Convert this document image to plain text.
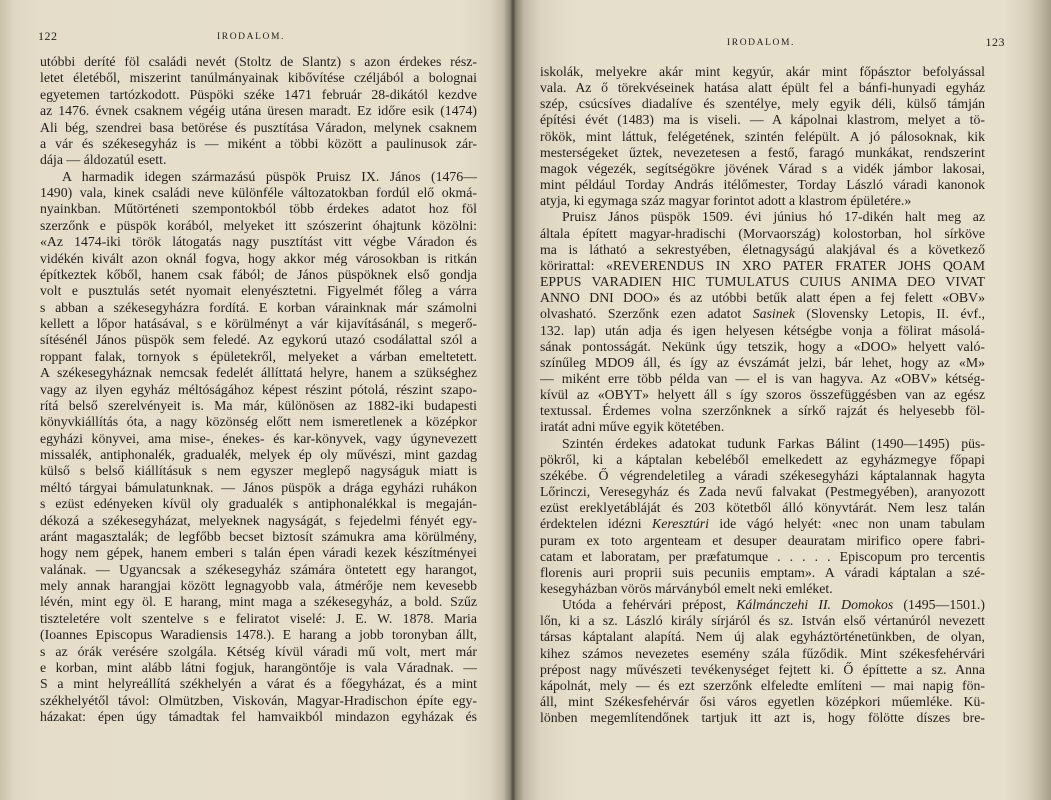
122	IRODALOM.
utóbbi deríté föl családi nevét (Stoltz de Slantz) s azon érdekes rész-
letet életéből, miszerint tanúlmányainak kibővítése czéljából a bolognai
egyetemen tartózkodott. Püspöki széke 1471 február 28-dikától kezdve
az 1476. évnek csaknem végéig utána üresen maradt. Ez időre esik (1474)
Ali bég, szendrei basa betörése és pusztítása Váradon, melynek csaknem
a vár és székesegyház is — miként a többi között a paulinusok zár-
dája — áldozatúl esett.
A harmadik idegen származású püspök Pruisz IX. János (1476—
1490) vala, kinek családi neve különféle változatokban fordúl elő okmá-
nyainkban. Műtörténeti szempontokból több érdekes adatot hoz föl
szerzőnk e püspök korából, melyeket itt szószerint óhajtunk közölni:
«Az 1474-iki török látogatás nagy pusztítást vitt végbe Váradon és
vidékén kivált azon oknál fogva, hogy akkor még városokban is ritkán
építkeztek kőből, hanem csak fából; de János püspöknek első gondja
volt e pusztulás setét nyomait elenyésztetni. Figyelmét főleg a várra
s abban a székesegyházra fordítá. E korban várainknak már számolni
kellett a lőpor hatásával, s e körülményt a vár kijavításánál, s megerő-
sítésénél János püspök sem feledé. Az egykorú utazó csodálattal szól a
roppant falak, tornyok s épületekről, melyeket a várban emeltetett.
A székesegyháznak nemcsak fedelét állíttatá helyre, hanem a szükséghez
vagy az ilyen egyház méltóságához képest részint pótolá, részint szapo-
rítá belső szerelvényeit is. Ma már, különösen az 1882-iki budapesti
könyvkiállítás óta, a nagy közönség előtt nem ismeretlenek a középkor
egyházi könyvei, ama mise-, énekes- és kar-könyvek, vagy úgynevezett
missalék, antiphonalék, gradualék, melyek ép oly művészi, mint gazdag
külső s belső kiállításuk s nem egyszer meglepő nagyságuk miatt is
méltó tárgyai bámulatunknak. — János püspök a drága egyházi ruhákon
s ezüst edényeken kívül oly gradualék s antiphonalékkal is megaján-
dékozá a székesegyházat, melyeknek nagyságát, s fejedelmi fényét egy-
aránt magasztalák; de legfőbb becset biztosít számukra ama körülmény,
hogy nem gépek, hanem emberi s talán épen váradi kezek készítményei
valának. — Ugyancsak a székesegyház számára öntetett egy harangot,
mely annak harangjai között legnagyobb vala, átmérője nem kevesebb
lévén, mint egy öl. E harang, mint maga a székesegyház, a bold. Szűz
tiszteletére volt szentelve s e feliratot viselé: J. E. W. 1878. Maria
(Ioannes Episcopus Waradiensis 1478.). E harang a jobb toronyban állt,
s az órák verésére szolgála. Kétség kívül váradi mű volt, mert már
e korban, mint alább látni fogjuk, harangöntője is vala Váradnak. —
S a mint helyreállítá székhelyén a várat és a főegyházat, és a mint
székhelyétől távol: Olmützben, Viskován, Magyar-Hradischon építe egy-
házakat: épen úgy támadtak fel hamvaikból mindazon egyházak és
IRODALOM.	123
iskolák, melyekre akár mint kegyúr, akár mint főpásztor befolyással
vala. Az ő törekvéseinek hatása alatt épült fel a bánfi-hunyadi egyház
szép, csúcsíves diadalíve és szentélye, mely egyik déli, külső támján
építési évét (1483) ma is viseli. — A kápolnai klastrom, melyet a tö-
rökök, mint láttuk, felégetének, szintén felépült. A jó pálosoknak, kik
mesterségeket űztek, nevezetesen a festő, faragó munkákat, rendszerint
magok végezék, segítségökre jövének Várad s a vidék jámbor lakosai,
mint például Torday András itélőmester, Torday László váradi kanonok
atyja, ki egymaga száz magyar forintot adott a klastrom épületére.»
Pruisz János püspök 1509. évi június hó 17-dikén halt meg az
általa épített magyar-hradischi (Morvaország) kolostorban, hol sírköve
ma is látható a sekrestyében, életnagyságú alakjával és a következő
körirattal: «REVERENDUS IN XRO PATER FRATER JOHS QOAM
EPPUS VARADIEN HIC TUMULATUS CUIUS ANIMA DEO VIVAT
ANNO DNI DOO» és az utóbbi betűk alatt épen a fej felett «OBV»
olvasható. Szerzőnk ezen adatot Sasinek (Slovensky Letopis, II. évf.,
132. lap) után adja és igen helyesen kétségbe vonja a fölirat másolá-
sának pontosságát. Nekünk úgy tetszik, hogy a «DOO» helyett való-
színűleg MDO9 áll, és így az évszámát jelzi, bár lehet, hogy az «M»
— miként erre több példa van — el is van hagyva. Az «OBV» kétség-
kívül az «OBYT» helyett áll s így szoros összefüggésben van az egész
textussal. Érdemes volna szerzőnknek a sírkő rajzát és helyesebb föl-
iratát adni műve egyik kötetében.
Szintén érdekes adatokat tudunk Farkas Bálint (1490—1495) püs-
pökről, ki a káptalan kebeléből emelkedett az egyházmegye főpapi
székébe. Ő végrendeletileg a váradi székesegyházi káptalannak hagyta
Lőrinczi, Veresegyház és Zada nevű falvakat (Pestmegyében), aranyozott
ezüst ereklyetábláját és 203 kötetből álló könyvtárát. Nem lesz talán
érdektelen idézni Keresztúri ide vágó helyét: «nec non unam tabulam
puram ex toto argenteam et desuper deauratam mirifico opere fabri-
catam et laboratam, per præfatumque . . . . . Episcopum pro tercentis
florenis auri proprii suis pecuniis emptam». A váradi káptalan a szé-
kesegyházban vörös márványból emelt neki emléket.
Utóda a fehérvári prépost, Kálmánczehi II. Domokos (1495—1501.)
lőn, ki a sz. László király sírjáról és sz. István első vértanúról nevezett
társas káptalant alapítá. Nem új alak egyháztörténetünkben, de olyan,
kihez számos nevezetes esemény szála fűződik. Mint székesfehérvári
prépost nagy művészeti tevékenységet fejtett ki. Ő építtette a sz. Anna
kápolnát, mely — és ezt szerzőnk elfeledte említeni — mai napig fön-
áll, mint Székesfehérvár ősi város egyetlen középkori műemléke. Kü-
lönben megemlítendőnek tartjuk itt azt is, hogy fölötte díszes bre-
